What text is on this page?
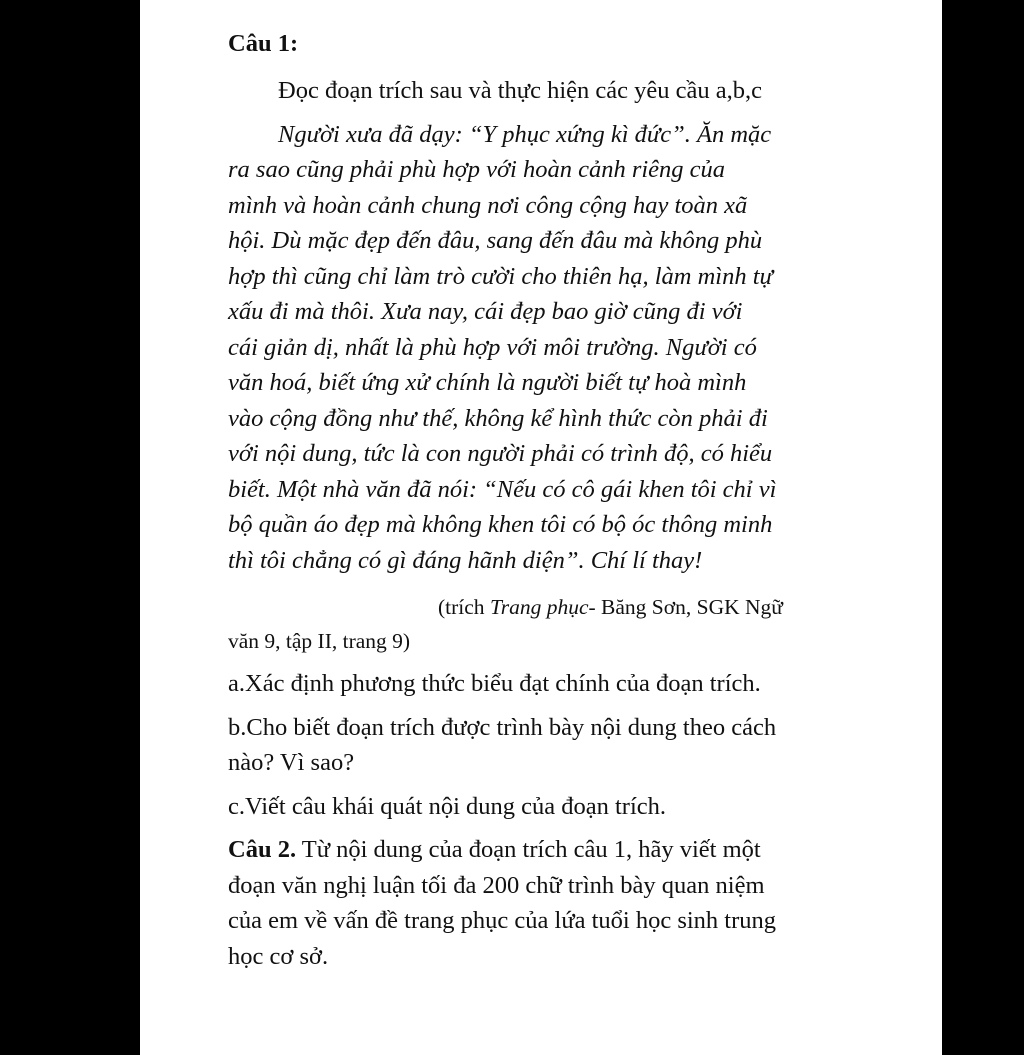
Câu 1:
Đọc đoạn trích sau và thực hiện các yêu cầu a,b,c
Người xưa đã dạy: “Y phục xứng kì đức”. Ăn mặc
ra sao cũng phải phù hợp với hoàn cảnh riêng của
mình và hoàn cảnh chung nơi công cộng hay toàn xã
hội. Dù mặc đẹp đến đâu, sang đến đâu mà không phù
hợp thì cũng chỉ làm trò cười cho thiên hạ, làm mình tự
xấu đi mà thôi. Xưa nay, cái đẹp bao giờ cũng đi với
cái giản dị, nhất là phù hợp với môi trường. Người có
văn hoá, biết ứng xử chính là người biết tự hoà mình
vào cộng đồng như thế, không kể hình thức còn phải đi
với nội dung, tức là con người phải có trình độ, có hiểu
biết. Một nhà văn đã nói: “Nếu có cô gái khen tôi chỉ vì
bộ quần áo đẹp mà không khen tôi có bộ óc thông minh
thì tôi chẳng có gì đáng hãnh diện”. Chí lí thay!
(trích Trang phục- Băng Sơn, SGK Ngữ
văn 9, tập II, trang 9)
a.Xác định phương thức biểu đạt chính của đoạn trích.
b.Cho biết đoạn trích được trình bày nội dung theo cách
nào? Vì sao?
c.Viết câu khái quát nội dung của đoạn trích.
Câu 2. Từ nội dung của đoạn trích câu 1, hãy viết một
đoạn văn nghị luận tối đa 200 chữ trình bày quan niệm
của em về vấn đề trang phục của lứa tuổi học sinh trung
học cơ sở.
